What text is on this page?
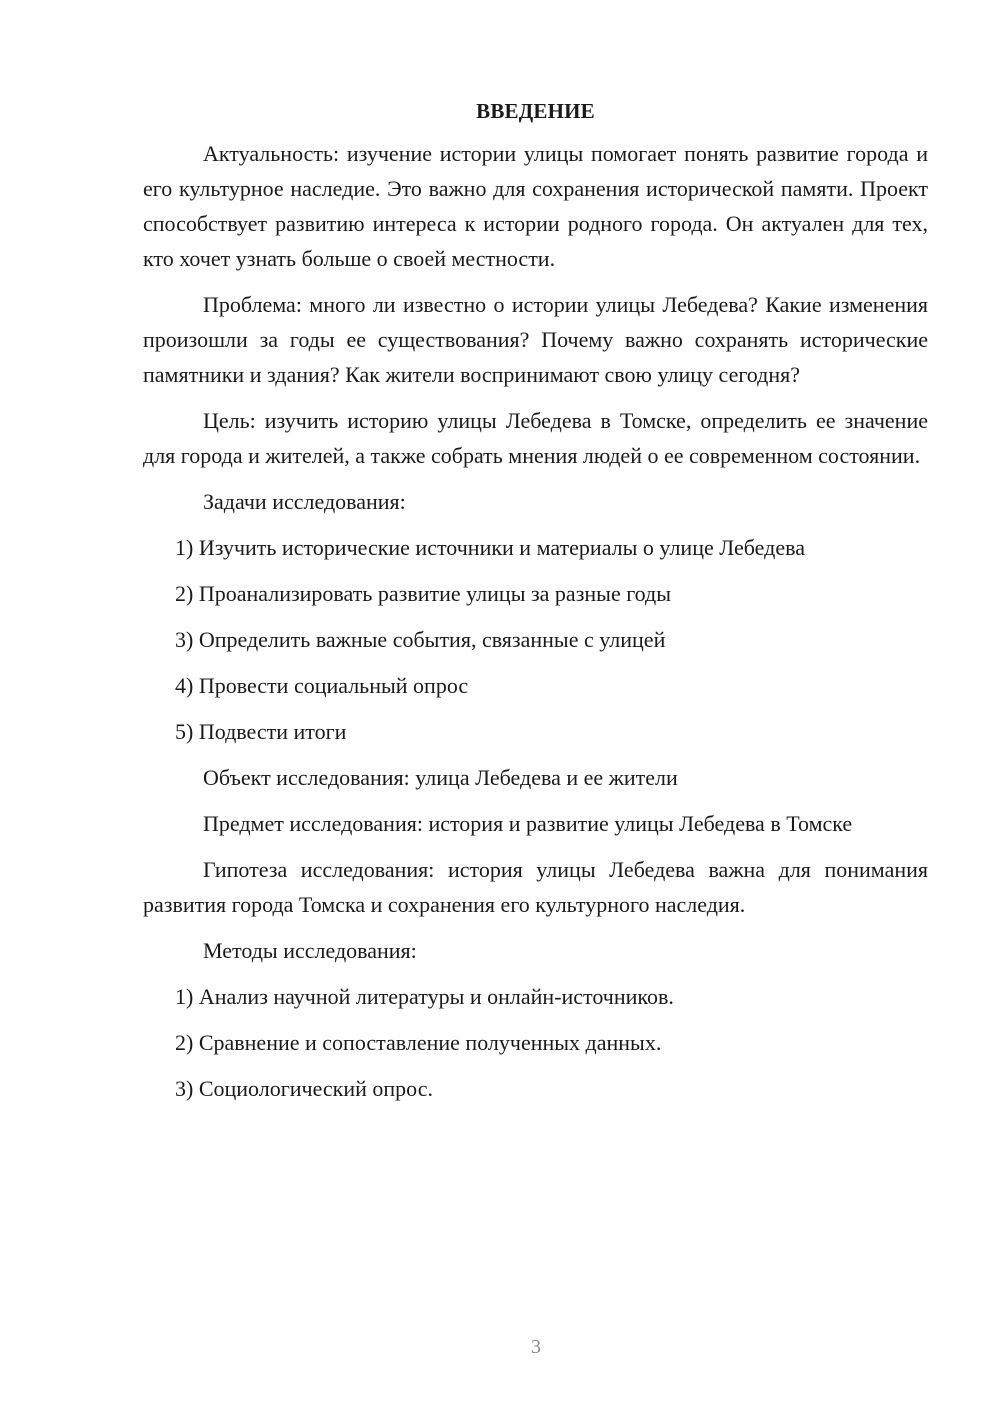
ВВЕДЕНИЕ

Актуальность: изучение истории улицы помогает понять развитие города и его культурное наследие. Это важно для сохранения исторической памяти. Проект способствует развитию интереса к истории родного города. Он актуален для тех, кто хочет узнать больше о своей местности.

Проблема: много ли известно о истории улицы Лебедева? Какие изменения произошли за годы ее существования? Почему важно сохранять исторические памятники и здания? Как жители воспринимают свою улицу сегодня?

Цель: изучить историю улицы Лебедева в Томске, определить ее значение для города и жителей, а также собрать мнения людей о ее современном состоянии.

Задачи исследования:
1) Изучить исторические источники и материалы о улице Лебедева
2) Проанализировать развитие улицы за разные годы
3) Определить важные события, связанные с улицей
4) Провести социальный опрос
5) Подвести итоги

Объект исследования: улица Лебедева и ее жители

Предмет исследования: история и развитие улицы Лебедева в Томске

Гипотеза исследования: история улицы Лебедева важна для понимания развития города Томска и сохранения его культурного наследия.

Методы исследования:
1) Анализ научной литературы и онлайн-источников.
2) Сравнение и сопоставление полученных данных.
3) Социологический опрос.
3
